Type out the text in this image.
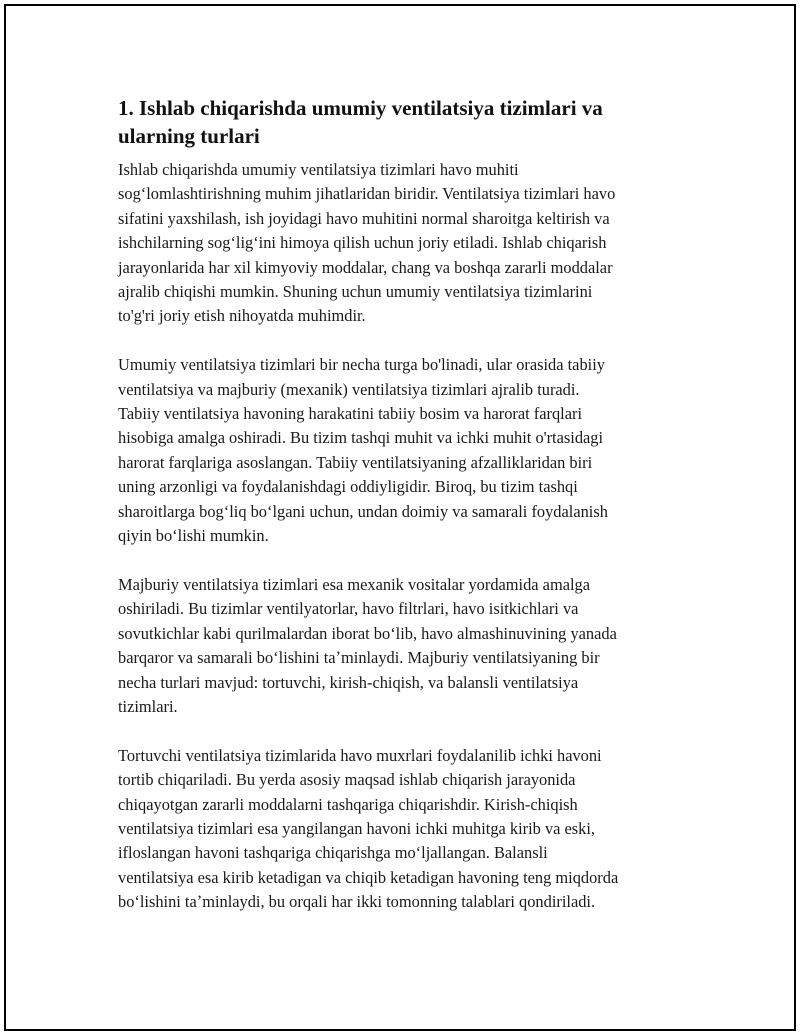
1. Ishlab chiqarishda umumiy ventilatsiya tizimlari va
ularning turlari

Ishlab chiqarishda umumiy ventilatsiya tizimlari havo muhiti
sogʻlomlashtirishning muhim jihatlaridan biridir. Ventilatsiya tizimlari havo
sifatini yaxshilash, ish joyidagi havo muhitini normal sharoitga keltirish va
ishchilarning sogʻligʻini himoya qilish uchun joriy etiladi. Ishlab chiqarish
jarayonlarida har xil kimyoviy moddalar, chang va boshqa zararli moddalar
ajralib chiqishi mumkin. Shuning uchun umumiy ventilatsiya tizimlarini
to'g'ri joriy etish nihoyatda muhimdir.

Umumiy ventilatsiya tizimlari bir necha turga bo'linadi, ular orasida tabiiy
ventilatsiya va majburiy (mexanik) ventilatsiya tizimlari ajralib turadi.
Tabiiy ventilatsiya havoning harakatini tabiiy bosim va harorat farqlari
hisobiga amalga oshiradi. Bu tizim tashqi muhit va ichki muhit o'rtasidagi
harorat farqlariga asoslangan. Tabiiy ventilatsiyaning afzalliklaridan biri
uning arzonligi va foydalanishdagi oddiyligidir. Biroq, bu tizim tashqi
sharoitlarga bogʻliq boʻlgani uchun, undan doimiy va samarali foydalanish
qiyin boʻlishi mumkin.

Majburiy ventilatsiya tizimlari esa mexanik vositalar yordamida amalga
oshiriladi. Bu tizimlar ventilyatorlar, havo filtrlari, havo isitkichlari va
sovutkichlar kabi qurilmalardan iborat boʻlib, havo almashinuvining yanada
barqaror va samarali boʻlishini taʼminlaydi. Majburiy ventilatsiyaning bir
necha turlari mavjud: tortuvchi, kirish-chiqish, va balansli ventilatsiya
tizimlari.

Tortuvchi ventilatsiya tizimlarida havo muxrlari foydalanilib ichki havoni
tortib chiqariladi. Bu yerda asosiy maqsad ishlab chiqarish jarayonida
chiqayotgan zararli moddalarni tashqariga chiqarishdir. Kirish-chiqish
ventilatsiya tizimlari esa yangilangan havoni ichki muhitga kirib va eski,
ifloslangan havoni tashqariga chiqarishga moʻljallangan. Balansli
ventilatsiya esa kirib ketadigan va chiqib ketadigan havoning teng miqdorda
boʻlishini taʼminlaydi, bu orqali har ikki tomonning talablari qondiriladi.
